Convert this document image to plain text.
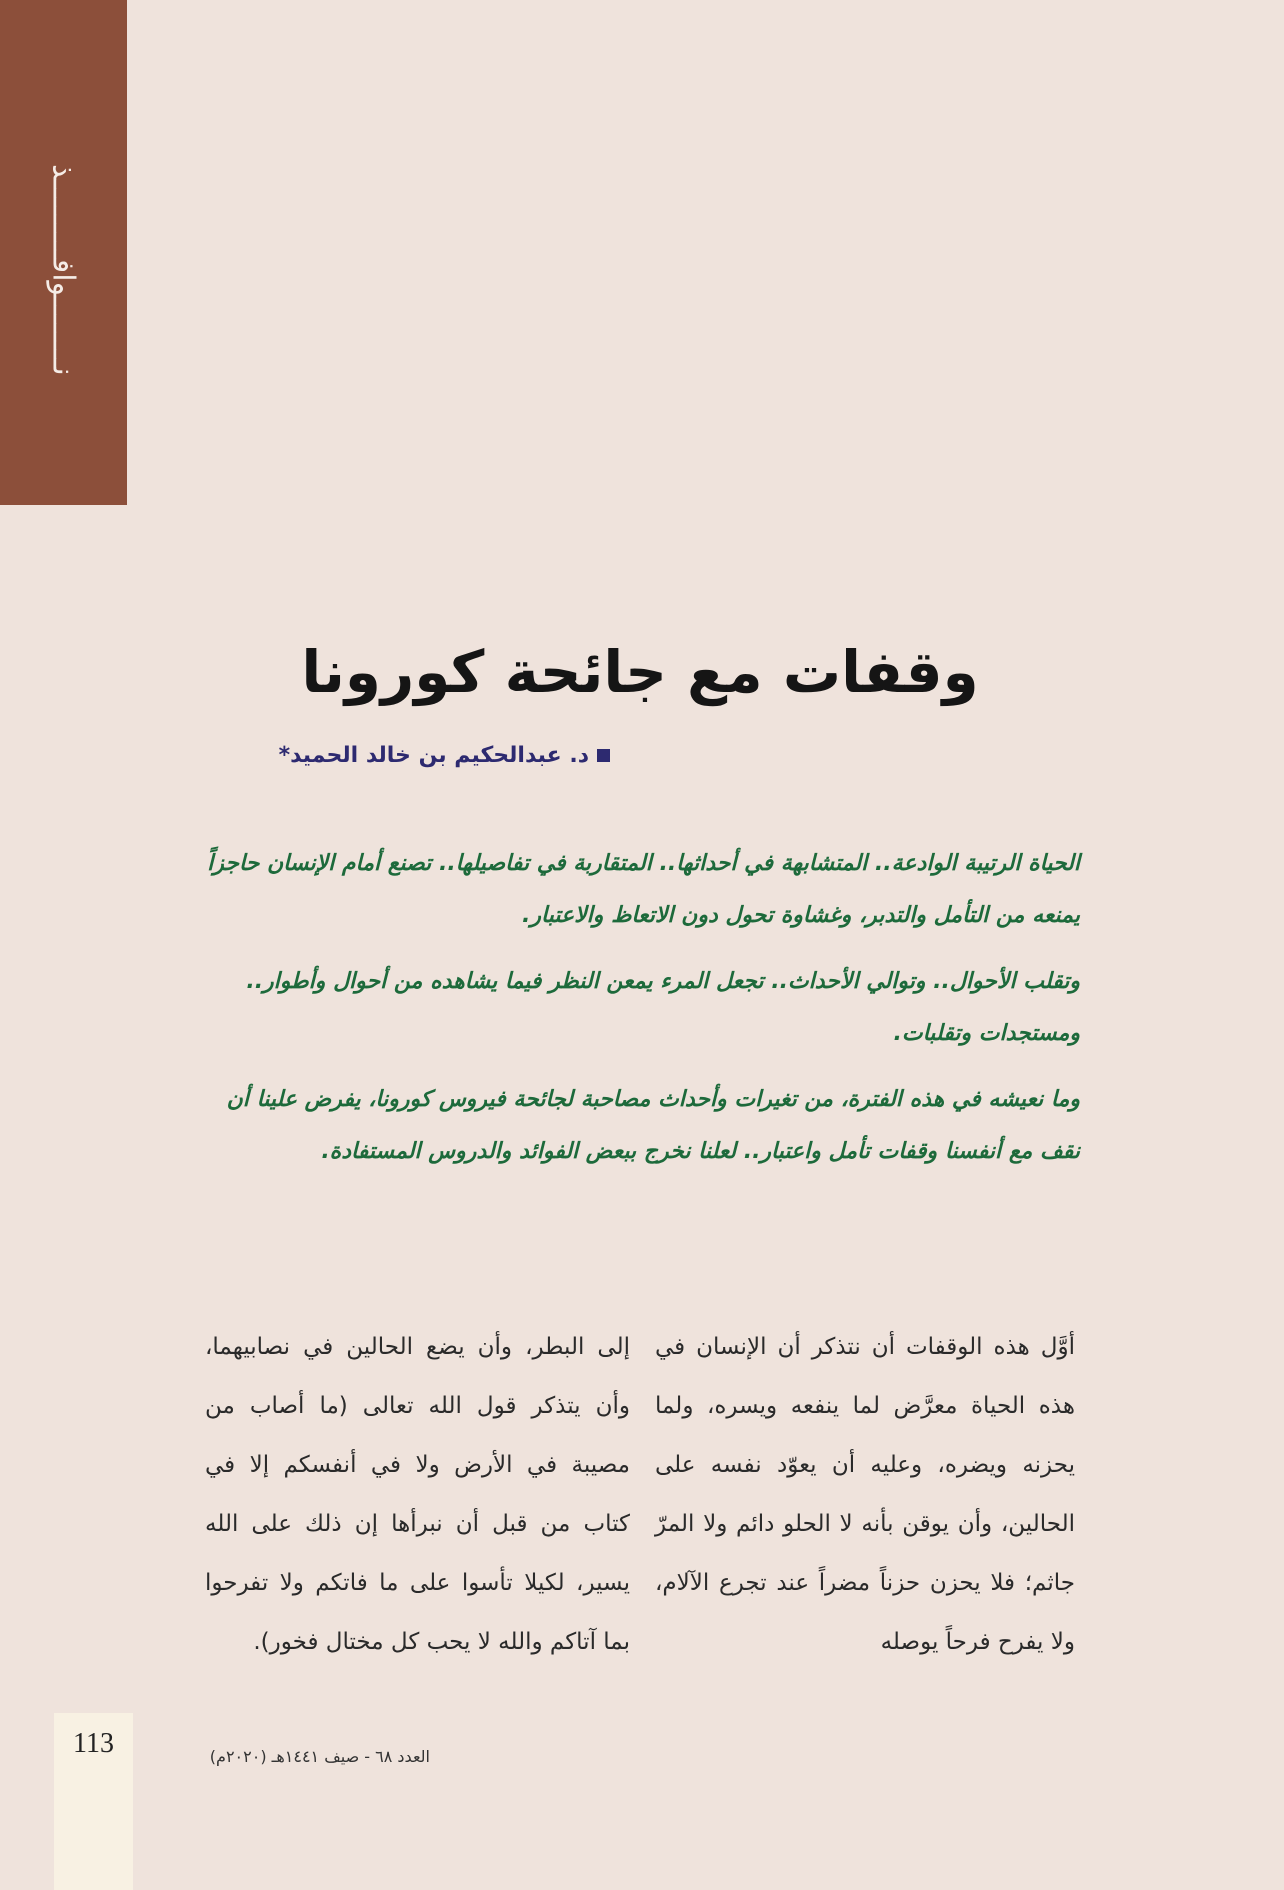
نــــــــوافـــــــــذ
وقفات مع جائحة كورونا
د. عبدالحكيم بن خالد الحميد*

الحياة الرتيبة الوادعة.. المتشابهة في أحداثها.. المتقاربة في تفاصيلها.. تصنع أمام الإنسان حاجزاً يمنعه من التأمل والتدبر، وغشاوة تحول دون الاتعاظ والاعتبار.

وتقلب الأحوال.. وتوالي الأحداث.. تجعل المرء يمعن النظر فيما يشاهده من أحوال وأطوار.. ومستجدات وتقلبات.

وما نعيشه في هذه الفترة، من تغيرات وأحداث مصاحبة لجائحة فيروس كورونا، يفرض علينا أن نقف مع أنفسنا وقفات تأمل واعتبار.. لعلنا نخرج ببعض الفوائد والدروس المستفادة.

أوَّل هذه الوقفات أن نتذكر أن الإنسان في هذه الحياة معرَّض لما ينفعه ويسره، ولما يحزنه ويضره، وعليه أن يعوّد نفسه على الحالين، وأن يوقن بأنه لا الحلو دائم ولا المرّ جاثم؛ فلا يحزن حزناً مضراً عند تجرع الآلام، ولا يفرح فرحاً يوصله
إلى البطر، وأن يضع الحالين في نصابيهما، وأن يتذكر قول الله تعالى (ما أصاب من مصيبة في الأرض ولا في أنفسكم إلا في كتاب من قبل أن نبرأها إن ذلك على الله يسير، لكيلا تأسوا على ما فاتكم ولا تفرحوا بما آتاكم والله لا يحب كل مختال فخور).
113	العدد ٦٨ - صيف ١٤٤١هـ (٢٠٢٠م)
